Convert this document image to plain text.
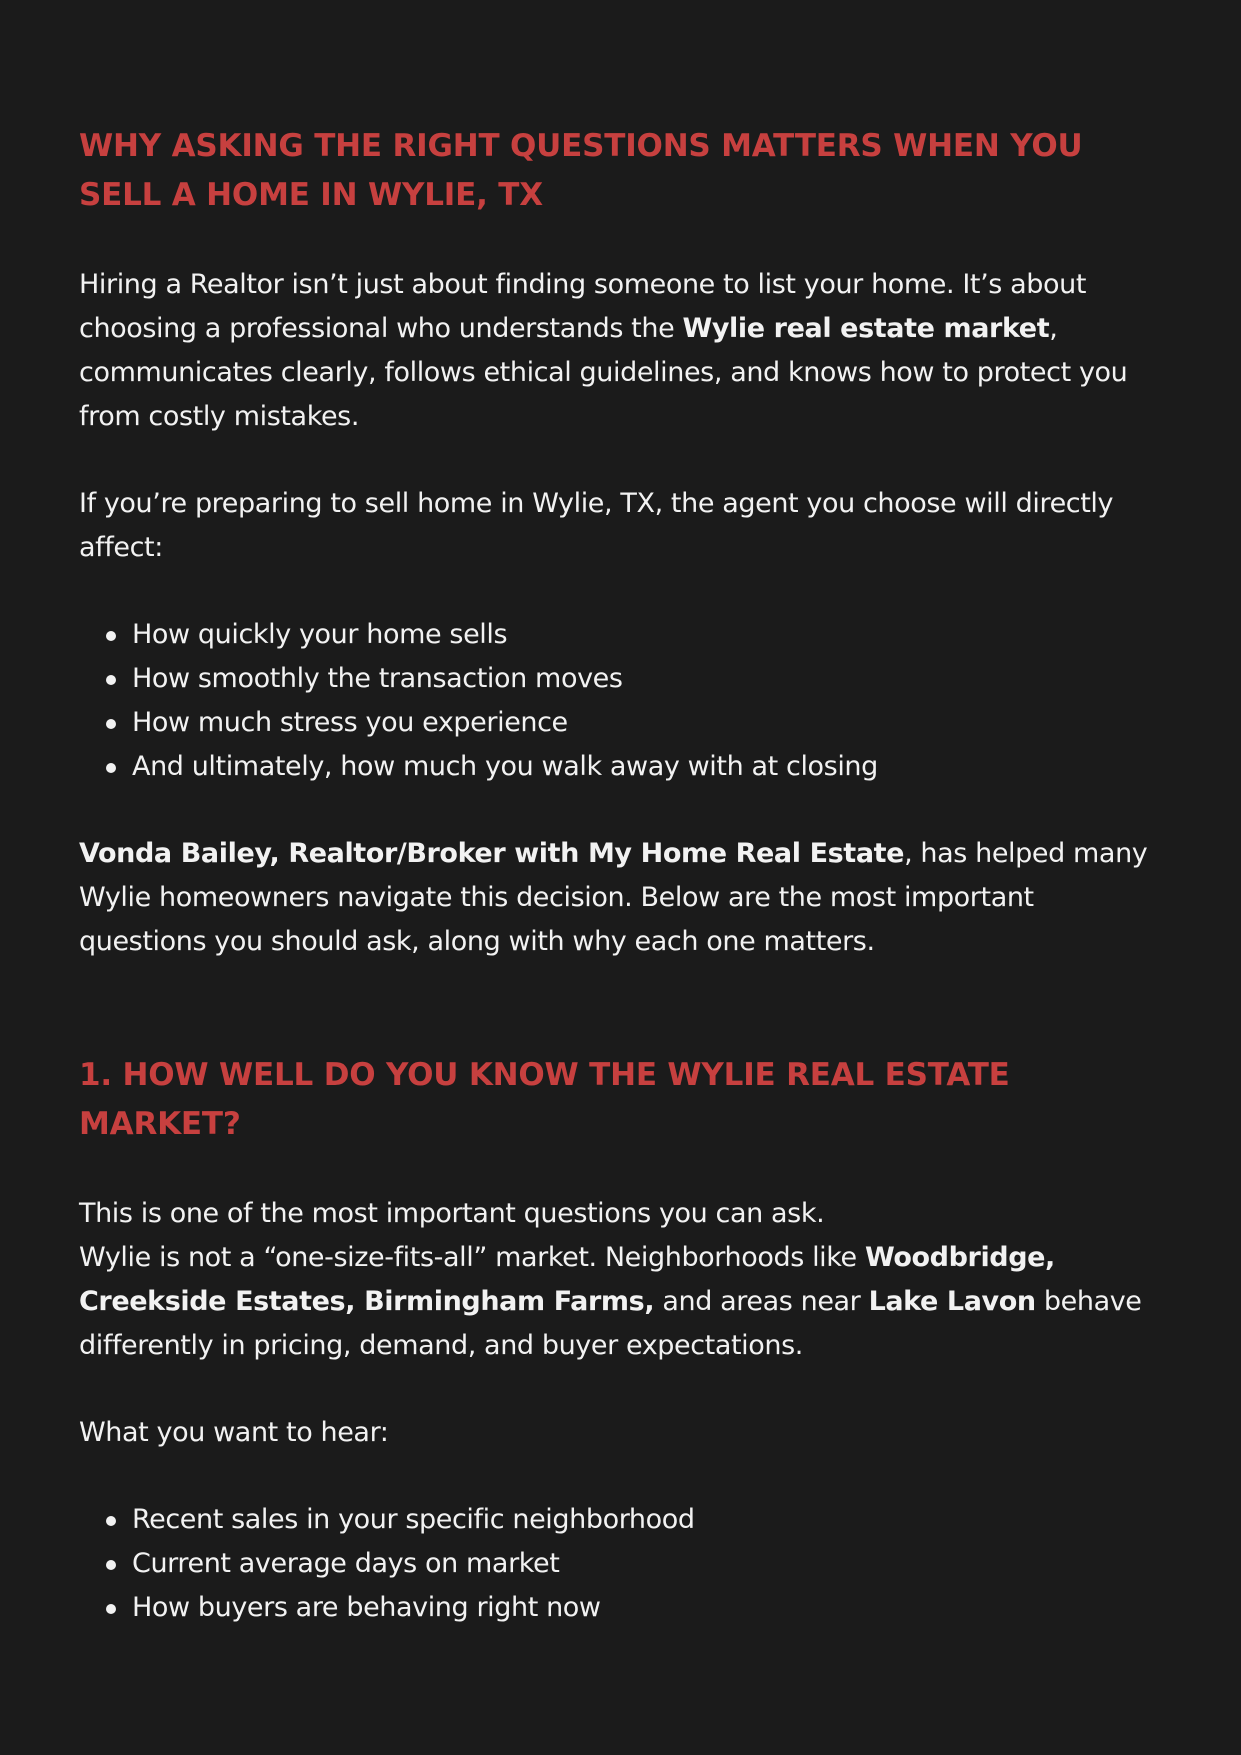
WHY ASKING THE RIGHT QUESTIONS MATTERS WHEN YOU SELL A HOME IN WYLIE, TX

Hiring a Realtor isn’t just about finding someone to list your home. It’s about choosing a professional who understands the Wylie real estate market, communicates clearly, follows ethical guidelines, and knows how to protect you from costly mistakes.

If you’re preparing to sell home in Wylie, TX, the agent you choose will directly affect:

How quickly your home sells
How smoothly the transaction moves
How much stress you experience
And ultimately, how much you walk away with at closing

Vonda Bailey, Realtor/Broker with My Home Real Estate, has helped many Wylie homeowners navigate this decision. Below are the most important questions you should ask, along with why each one matters.

1. HOW WELL DO YOU KNOW THE WYLIE REAL ESTATE MARKET?

This is one of the most important questions you can ask.
Wylie is not a “one-size-fits-all” market. Neighborhoods like Woodbridge, Creekside Estates, Birmingham Farms, and areas near Lake Lavon behave differently in pricing, demand, and buyer expectations.

What you want to hear:

Recent sales in your specific neighborhood
Current average days on market
How buyers are behaving right now
